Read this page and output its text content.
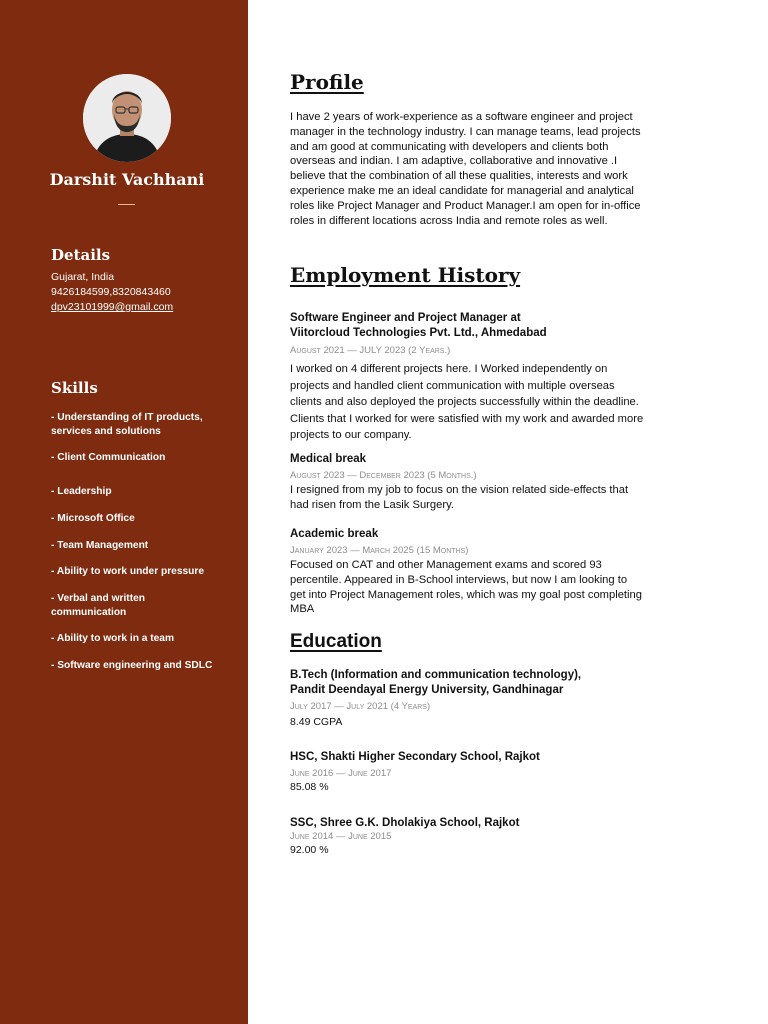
Darshit Vachhani
Details
Gujarat, India
9426184599,8320843460
dpv23101999@gmail.com
Skills
- Understanding of IT products, services and solutions
- Client Communication
- Leadership
- Microsoft Office
- Team Management
- Ability to work under pressure
- Verbal and written communication
- Ability to work in a team
- Software engineering and SDLC
Profile
I have 2 years of work-experience as a software engineer and project manager in the technology industry. I can manage teams, lead projects and am good at communicating with developers and clients both overseas and indian. I am adaptive, collaborative and innovative .I believe that the combination of all these qualities, interests and work experience make me an ideal candidate for managerial and analytical roles like Project Manager and Product Manager.I am open for in-office roles in different locations across India and remote roles as well.
Employment History
Software Engineer and Project Manager at
Viitorcloud Technologies Pvt. Ltd., Ahmedabad
August 2021 — JULY 2023 (2 Years.)
I worked on 4 different projects here. I Worked independently on projects and handled client communication with multiple overseas clients and also deployed the projects successfully within the deadline. Clients that I worked for were satisfied with my work and awarded more projects to our company.
Medical break
August 2023 — December 2023 (5 Months.)
I resigned from my job to focus on the vision related side-effects that had risen from the Lasik Surgery.
Academic break
January 2023 — March 2025 (15 Months)
Focused on CAT and other Management exams and scored 93 percentile. Appeared in B-School interviews, but now I am looking to get into Project Management roles, which was my goal post completing MBA
Education
B.Tech (Information and communication technology),
Pandit Deendayal Energy University, Gandhinagar
July 2017 — July 2021 (4 Years)
8.49 CGPA
HSC, Shakti Higher Secondary School, Rajkot
June 2016 — June 2017
85.08 %
SSC, Shree G.K. Dholakiya School, Rajkot
June 2014 — June 2015
92.00 %
